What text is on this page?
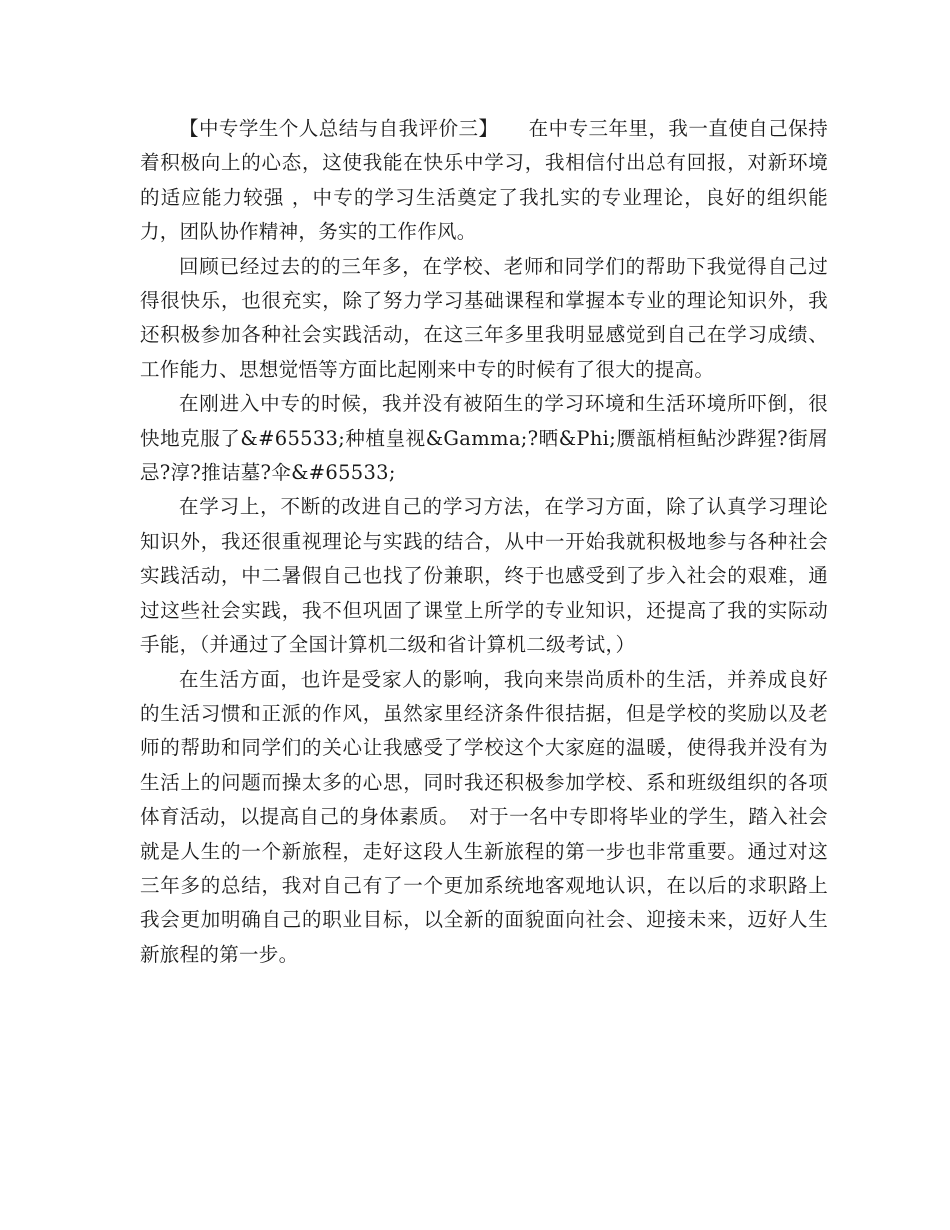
【中专学生个人总结与自我评价三】　　在中专三年里，我一直使自己保持着积极向上的心态，这使我能在快乐中学习，我相信付出总有回报，对新环境的适应能力较强 ，中专的学习生活奠定了我扎实的专业理论，良好的组织能力，团队协作精神，务实的工作作风。

回顾已经过去的的三年多，在学校、老师和同学们的帮助下我觉得自己过得很快乐，也很充实，除了努力学习基础课程和掌握本专业的理论知识外，我还积极参加各种社会实践活动，在这三年多里我明显感觉到自己在学习成绩、工作能力、思想觉悟等方面比起刚来中专的时候有了很大的提高。

在刚进入中专的时候，我并没有被陌生的学习环境和生活环境所吓倒，很快地克服了&#65533;种植皇视&Gamma;?晒&Phi;赝瓿梢桓鲇沙跸猩?街屑忌?淳?推诘墓?伞&#65533;

在学习上，不断的改进自己的学习方法，在学习方面，除了认真学习理论知识外，我还很重视理论与实践的结合，从中一开始我就积极地参与各种社会实践活动，中二暑假自己也找了份兼职，终于也感受到了步入社会的艰难，通过这些社会实践，我不但巩固了课堂上所学的专业知识，还提高了我的实际动手能，（并通过了全国计算机二级和省计算机二级考试，）

在生活方面，也许是受家人的影响，我向来崇尚质朴的生活，并养成良好的生活习惯和正派的作风，虽然家里经济条件很拮据，但是学校的奖励以及老师的帮助和同学们的关心让我感受了学校这个大家庭的温暖，使得我并没有为生活上的问题而操太多的心思，同时我还积极参加学校、系和班级组织的各项体育活动，以提高自己的身体素质。　对于一名中专即将毕业的学生，踏入社会就是人生的一个新旅程，走好这段人生新旅程的第一步也非常重要。通过对这三年多的总结，我对自己有了一个更加系统地客观地认识，在以后的求职路上我会更加明确自己的职业目标，以全新的面貌面向社会、迎接未来，迈好人生新旅程的第一步。
